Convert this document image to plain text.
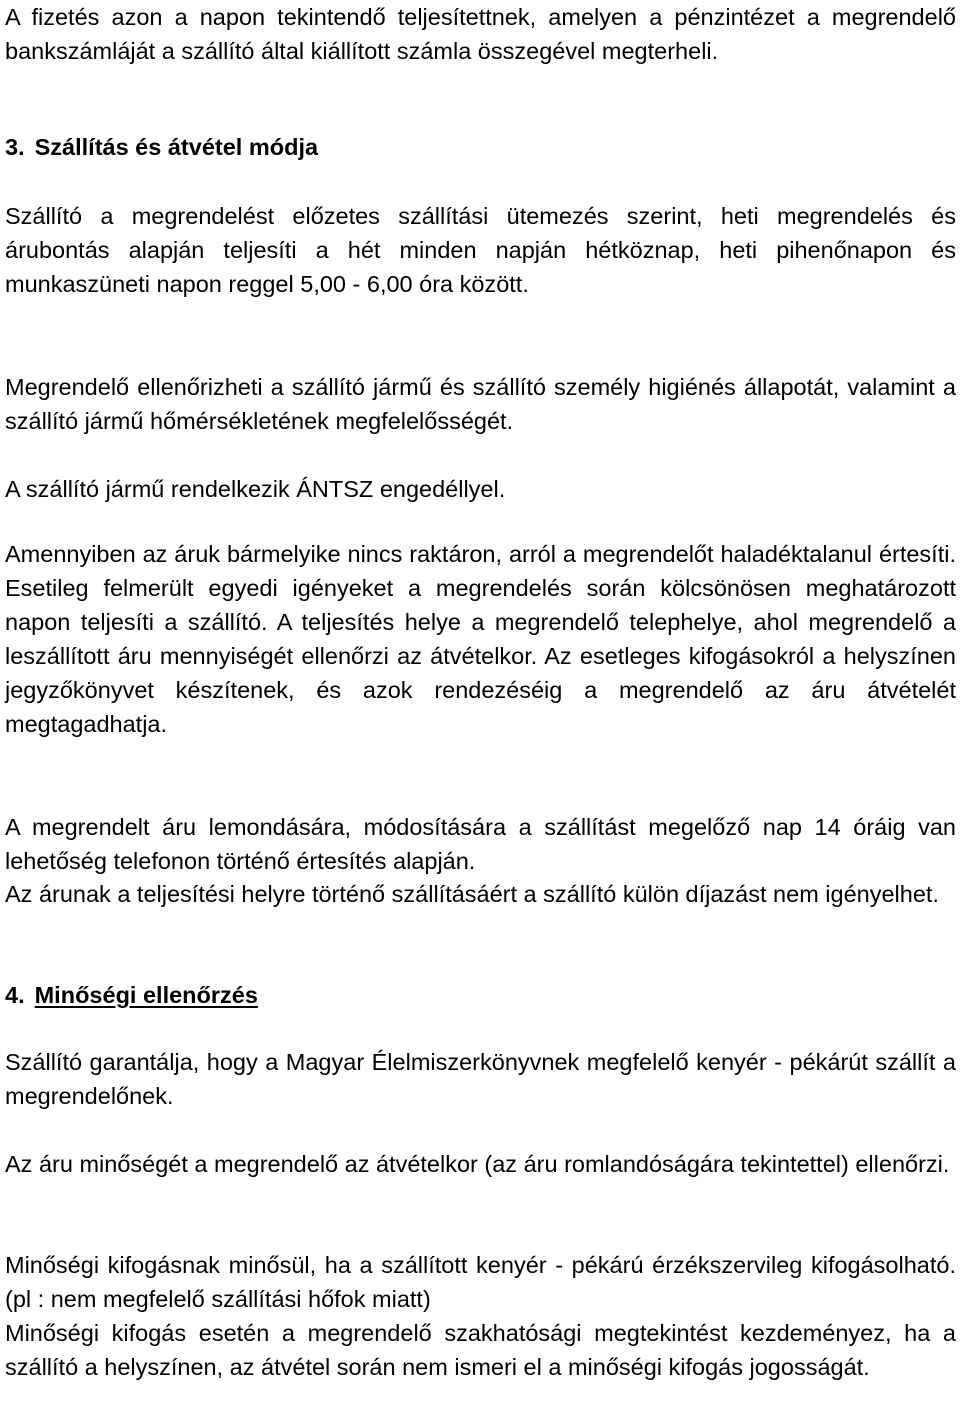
A fizetés azon a napon tekintendő teljesítettnek, amelyen a pénzintézet a megrendelő bankszámláját a szállító által kiállított számla összegével megterheli.

3. Szállítás és átvétel módja

Szállító a megrendelést előzetes szállítási ütemezés szerint, heti megrendelés és árubontás alapján teljesíti a hét minden napján hétköznap, heti pihenőnapon és munkaszüneti napon reggel 5,00 - 6,00 óra között.

Megrendelő ellenőrizheti a szállító jármű és szállító személy higiénés állapotát, valamint a szállító jármű hőmérsékletének megfelelősségét.

A szállító jármű rendelkezik ÁNTSZ engedéllyel.

Amennyiben az áruk bármelyike nincs raktáron, arról a megrendelőt haladéktalanul értesíti. Esetileg felmerült egyedi igényeket a megrendelés során kölcsönösen meghatározott napon teljesíti a szállító. A teljesítés helye a megrendelő telephelye, ahol megrendelő a leszállított áru mennyiségét ellenőrzi az átvételkor. Az esetleges kifogásokról a helyszínen jegyzőkönyvet készítenek, és azok rendezéséig a megrendelő az áru átvételét megtagadhatja.

A megrendelt áru lemondására, módosítására a szállítást megelőző nap 14 óráig van lehetőség telefonon történő értesítés alapján.

Az árunak a teljesítési helyre történő szállításáért a szállító külön díjazást nem igényelhet.

4. Minőségi ellenőrzés

Szállító garantálja, hogy a Magyar Élelmiszerkönyvnek megfelelő kenyér - pékárút szállít a megrendelőnek.

Az áru minőségét a megrendelő az átvételkor (az áru romlandóságára tekintettel) ellenőrzi.

Minőségi kifogásnak minősül, ha a szállított kenyér - pékárú érzékszervileg kifogásolható. (pl : nem megfelelő szállítási hőfok miatt)

Minőségi kifogás esetén a megrendelő szakhatósági megtekintést kezdeményez, ha a szállító a helyszínen, az átvétel során nem ismeri el a minőségi kifogás jogosságát.
